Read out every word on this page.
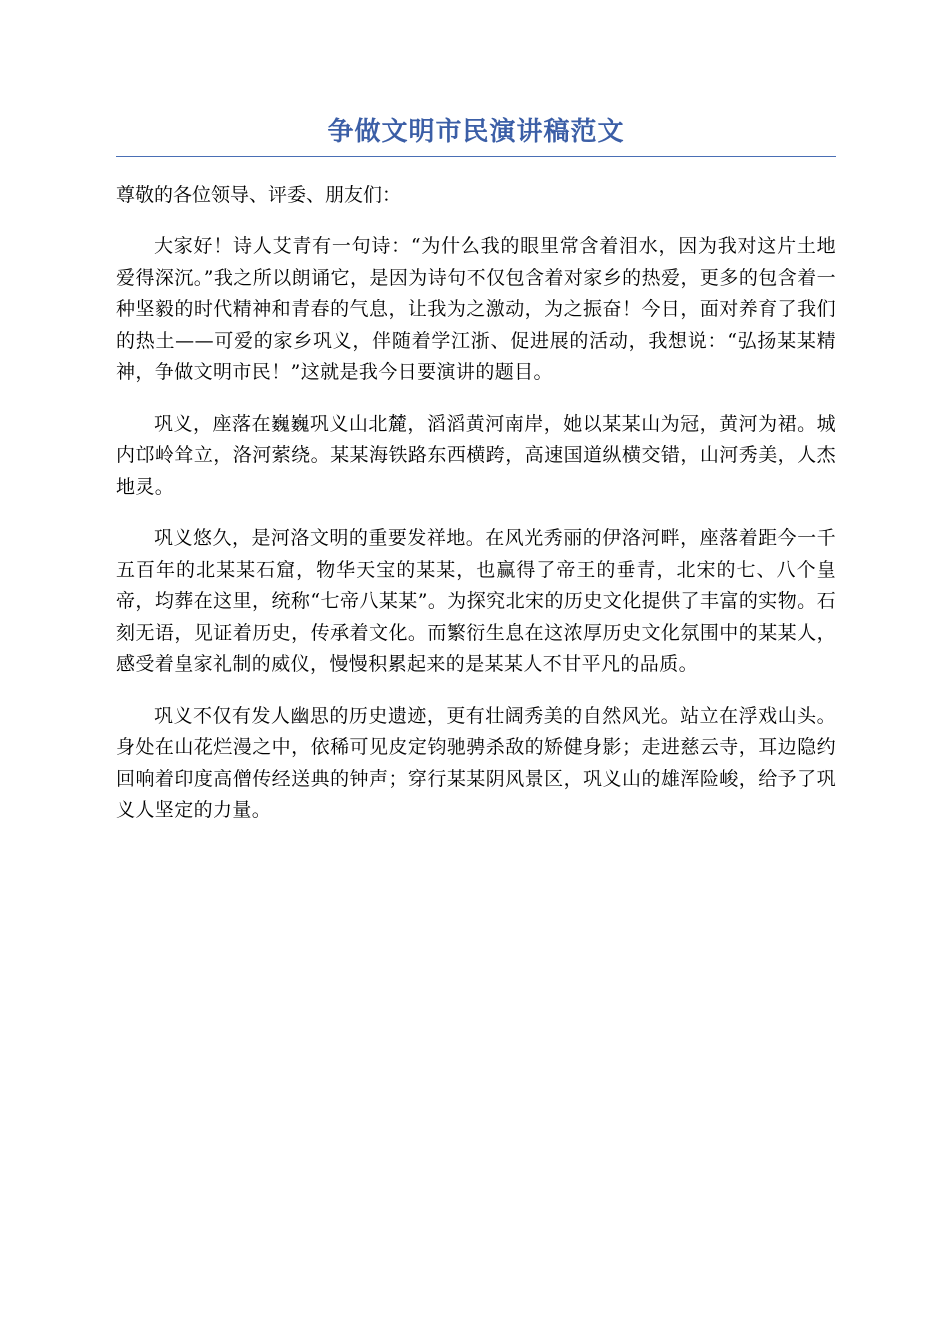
争做文明市民演讲稿范文

尊敬的各位领导、评委、朋友们：

大家好！诗人艾青有一句诗：“为什么我的眼里常含着泪水，因为我对这片土地爱得深沉。”我之所以朗诵它，是因为诗句不仅包含着对家乡的热爱，更多的包含着一种坚毅的时代精神和青春的气息，让我为之激动，为之振奋！今日，面对养育了我们的热土——可爱的家乡巩义，伴随着学江浙、促进展的活动，我想说：“弘扬某某精神，争做文明市民！”这就是我今日要演讲的题目。

巩义，座落在巍巍巩义山北麓，滔滔黄河南岸，她以某某山为冠，黄河为裙。城内邙岭耸立，洛河萦绕。某某海铁路东西横跨，高速国道纵横交错，山河秀美，人杰地灵。

巩义悠久，是河洛文明的重要发祥地。在风光秀丽的伊洛河畔，座落着距今一千五百年的北某某石窟，物华天宝的某某，也赢得了帝王的垂青，北宋的七、八个皇帝，均葬在这里，统称“七帝八某某”。为探究北宋的历史文化提供了丰富的实物。石刻无语，见证着历史，传承着文化。而繁衍生息在这浓厚历史文化氛围中的某某人，感受着皇家礼制的威仪，慢慢积累起来的是某某人不甘平凡的品质。

巩义不仅有发人幽思的历史遗迹，更有壮阔秀美的自然风光。站立在浮戏山头。身处在山花烂漫之中，依稀可见皮定钧驰骋杀敌的矫健身影；走进慈云寺，耳边隐约回响着印度高僧传经送典的钟声；穿行某某阴风景区，巩义山的雄浑险峻，给予了巩义人坚定的力量。
